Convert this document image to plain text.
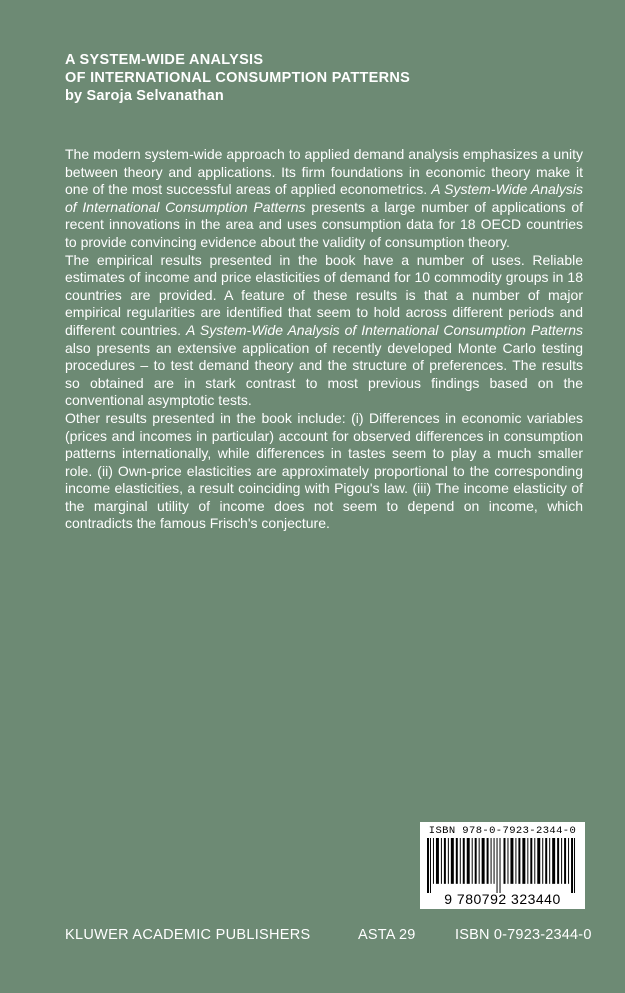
A SYSTEM-WIDE ANALYSIS
OF INTERNATIONAL CONSUMPTION PATTERNS
by Saroja Selvanathan

The modern system-wide approach to applied demand analysis emphasizes a unity between theory and applications. Its firm foundations in economic theory make it one of the most successful areas of applied econometrics. A System-Wide Analysis of International Consumption Patterns presents a large number of applications of recent innovations in the area and uses consumption data for 18 OECD countries to provide convincing evidence about the validity of consumption theory.

The empirical results presented in the book have a number of uses. Reliable estimates of income and price elasticities of demand for 10 commodity groups in 18 countries are provided. A feature of these results is that a number of major empirical regularities are identified that seem to hold across different periods and different countries. A System-Wide Analysis of International Consumption Patterns also presents an extensive application of recently developed Monte Carlo testing procedures – to test demand theory and the structure of preferences. The results so obtained are in stark contrast to most previous findings based on the conventional asymptotic tests.

Other results presented in the book include: (i) Differences in economic variables (prices and incomes in particular) account for observed differences in consumption patterns internationally, while differences in tastes seem to play a much smaller role. (ii) Own-price elasticities are approximately proportional to the corresponding income elasticities, a result coinciding with Pigou's law. (iii) The income elasticity of the marginal utility of income does not seem to depend on income, which contradicts the famous Frisch's conjecture.

ISBN 978-0-7923-2344-0
9 780792 323440
KLUWER ACADEMIC PUBLISHERS	ASTA 29	ISBN 0-7923-2344-0
